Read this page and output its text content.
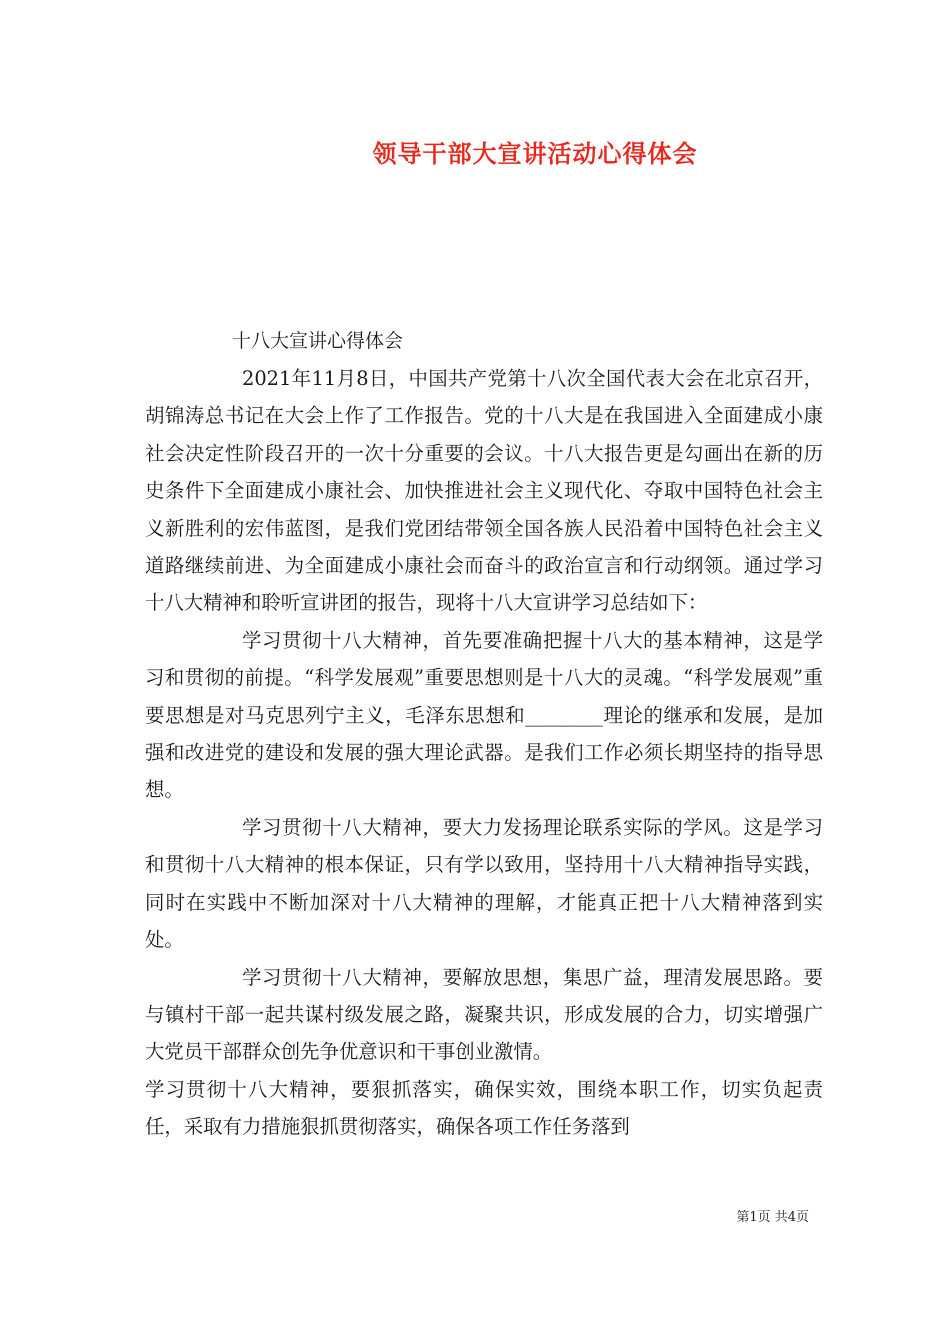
领导干部大宣讲活动心得体会
十八大宣讲心得体会

2021年11月8日，中国共产党第十八次全国代表大会在北京召开，胡锦涛总书记在大会上作了工作报告。党的十八大是在我国进入全面建成小康社会决定性阶段召开的一次十分重要的会议。十八大报告更是勾画出在新的历史条件下全面建成小康社会、加快推进社会主义现代化、夺取中国特色社会主义新胜利的宏伟蓝图，是我们党团结带领全国各族人民沿着中国特色社会主义道路继续前进、为全面建成小康社会而奋斗的政治宣言和行动纲领。通过学习十八大精神和聆听宣讲团的报告，现将十八大宣讲学习总结如下：

学习贯彻十八大精神，首先要准确把握十八大的基本精神，这是学习和贯彻的前提。“科学发展观”重要思想则是十八大的灵魂。“科学发展观”重要思想是对马克思列宁主义，毛泽东思想和________理论的继承和发展，是加强和改进党的建设和发展的强大理论武器。是我们工作必须长期坚持的指导思想。

学习贯彻十八大精神，要大力发扬理论联系实际的学风。这是学习和贯彻十八大精神的根本保证，只有学以致用，坚持用十八大精神指导实践，同时在实践中不断加深对十八大精神的理解，才能真正把十八大精神落到实处。

学习贯彻十八大精神，要解放思想，集思广益，理清发展思路。要与镇村干部一起共谋村级发展之路，凝聚共识，形成发展的合力，切实增强广大党员干部群众创先争优意识和干事创业激情。

学习贯彻十八大精神，要狠抓落实，确保实效，围绕本职工作，切实负起责任，采取有力措施狠抓贯彻落实，确保各项工作任务落到

第1页 共4页
